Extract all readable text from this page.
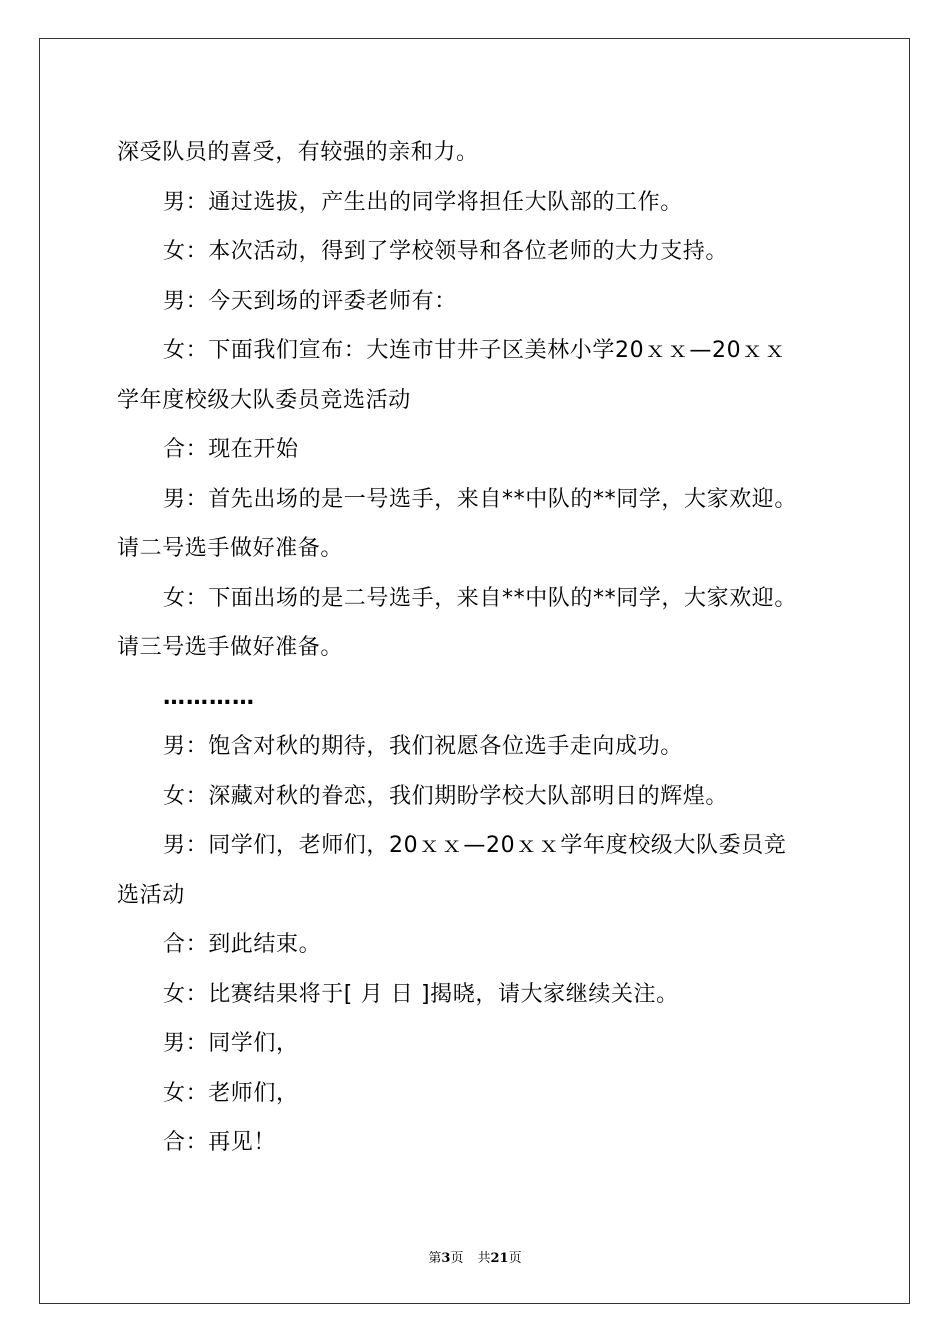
深受队员的喜受，有较强的亲和力。
男：通过选拔，产生出的同学将担任大队部的工作。
女：本次活动，得到了学校领导和各位老师的大力支持。
男：今天到场的评委老师有：
女：下面我们宣布：大连市甘井子区美林小学20ｘｘ—20ｘｘ
学年度校级大队委员竞选活动
合：现在开始
男：首先出场的是一号选手，来自**中队的**同学，大家欢迎。
请二号选手做好准备。
女：下面出场的是二号选手，来自**中队的**同学，大家欢迎。
请三号选手做好准备。
…………
男：饱含对秋的期待，我们祝愿各位选手走向成功。
女：深藏对秋的眷恋，我们期盼学校大队部明日的辉煌。
男：同学们，老师们，20ｘｘ—20ｘｘ学年度校级大队委员竞
选活动
合：到此结束。
女：比赛结果将于[ 月 日 ]揭晓，请大家继续关注。
男：同学们，
女：老师们，
合：再见！
第3页 共21页
